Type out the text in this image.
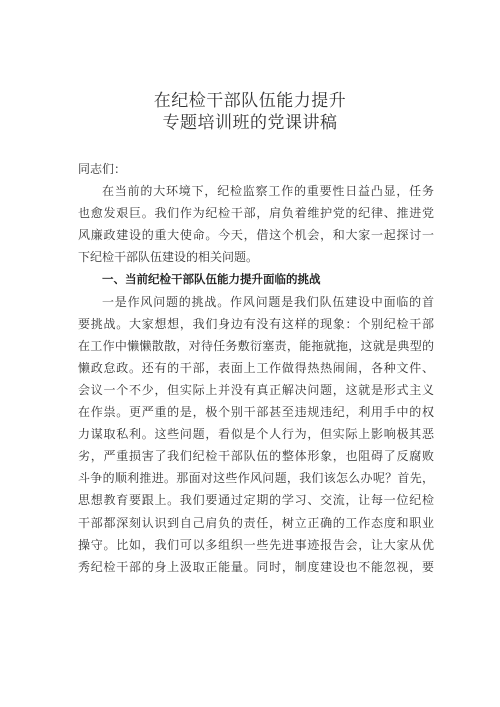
在纪检干部队伍能力提升
专题培训班的党课讲稿
同志们：
在当前的大环境下，纪检监察工作的重要性日益凸显，任务
也愈发艰巨。我们作为纪检干部，肩负着维护党的纪律、推进党
风廉政建设的重大使命。今天，借这个机会，和大家一起探讨一
下纪检干部队伍建设的相关问题。
一、当前纪检干部队伍能力提升面临的挑战
一是作风问题的挑战。作风问题是我们队伍建设中面临的首
要挑战。大家想想，我们身边有没有这样的现象：个别纪检干部
在工作中懒懒散散，对待任务敷衍塞责，能拖就拖，这就是典型的
懒政怠政。还有的干部，表面上工作做得热热闹闹，各种文件、
会议一个不少，但实际上并没有真正解决问题，这就是形式主义
在作祟。更严重的是，极个别干部甚至违规违纪，利用手中的权
力谋取私利。这些问题，看似是个人行为，但实际上影响极其恶
劣，严重损害了我们纪检干部队伍的整体形象，也阻碍了反腐败
斗争的顺利推进。那面对这些作风问题，我们该怎么办呢？首先，
思想教育要跟上。我们要通过定期的学习、交流，让每一位纪检
干部都深刻认识到自己肩负的责任，树立正确的工作态度和职业
操守。比如，我们可以多组织一些先进事迹报告会，让大家从优
秀纪检干部的身上汲取正能量。同时，制度建设也不能忽视，要
